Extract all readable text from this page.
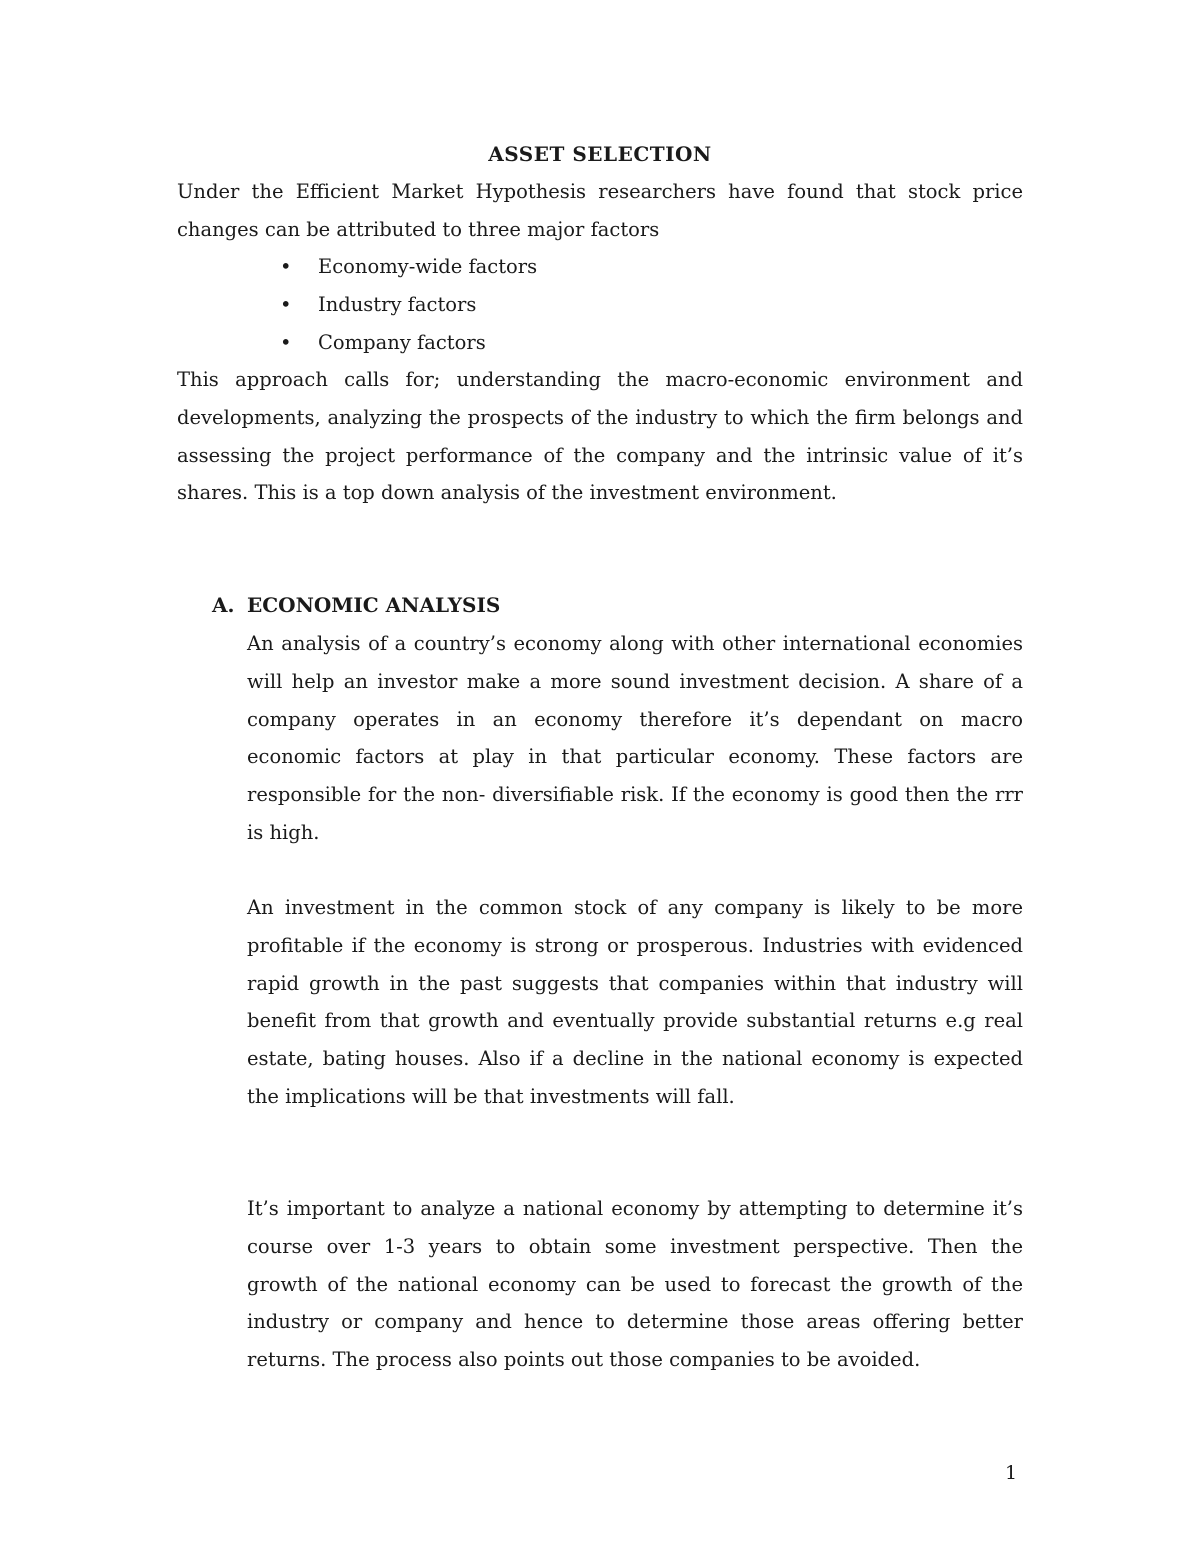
ASSET SELECTION

Under the Efficient Market Hypothesis researchers have found that stock price changes can be attributed to three major factors

• Economy-wide factors
• Industry factors
• Company factors

This approach calls for; understanding the macro-economic environment and developments, analyzing the prospects of the industry to which the firm belongs and assessing the project performance of the company and the intrinsic value of it’s shares. This is a top down analysis of the investment environment.

A. ECONOMIC ANALYSIS

An analysis of a country’s economy along with other international economies will help an investor make a more sound investment decision. A share of a company operates in an economy therefore it’s dependant on macro economic factors at play in that particular economy. These factors are responsible for the non- diversifiable risk. If the economy is good then the rrr is high.

An investment in the common stock of any company is likely to be more profitable if the economy is strong or prosperous. Industries with evidenced rapid growth in the past suggests that companies within that industry will benefit from that growth and eventually provide substantial returns e.g real estate, bating houses. Also if a decline in the national economy is expected the implications will be that investments will fall.

It’s important to analyze a national economy by attempting to determine it’s course over 1-3 years to obtain some investment perspective. Then the growth of the national economy can be used to forecast the growth of the industry or company and hence to determine those areas offering better returns. The process also points out those companies to be avoided.

1
